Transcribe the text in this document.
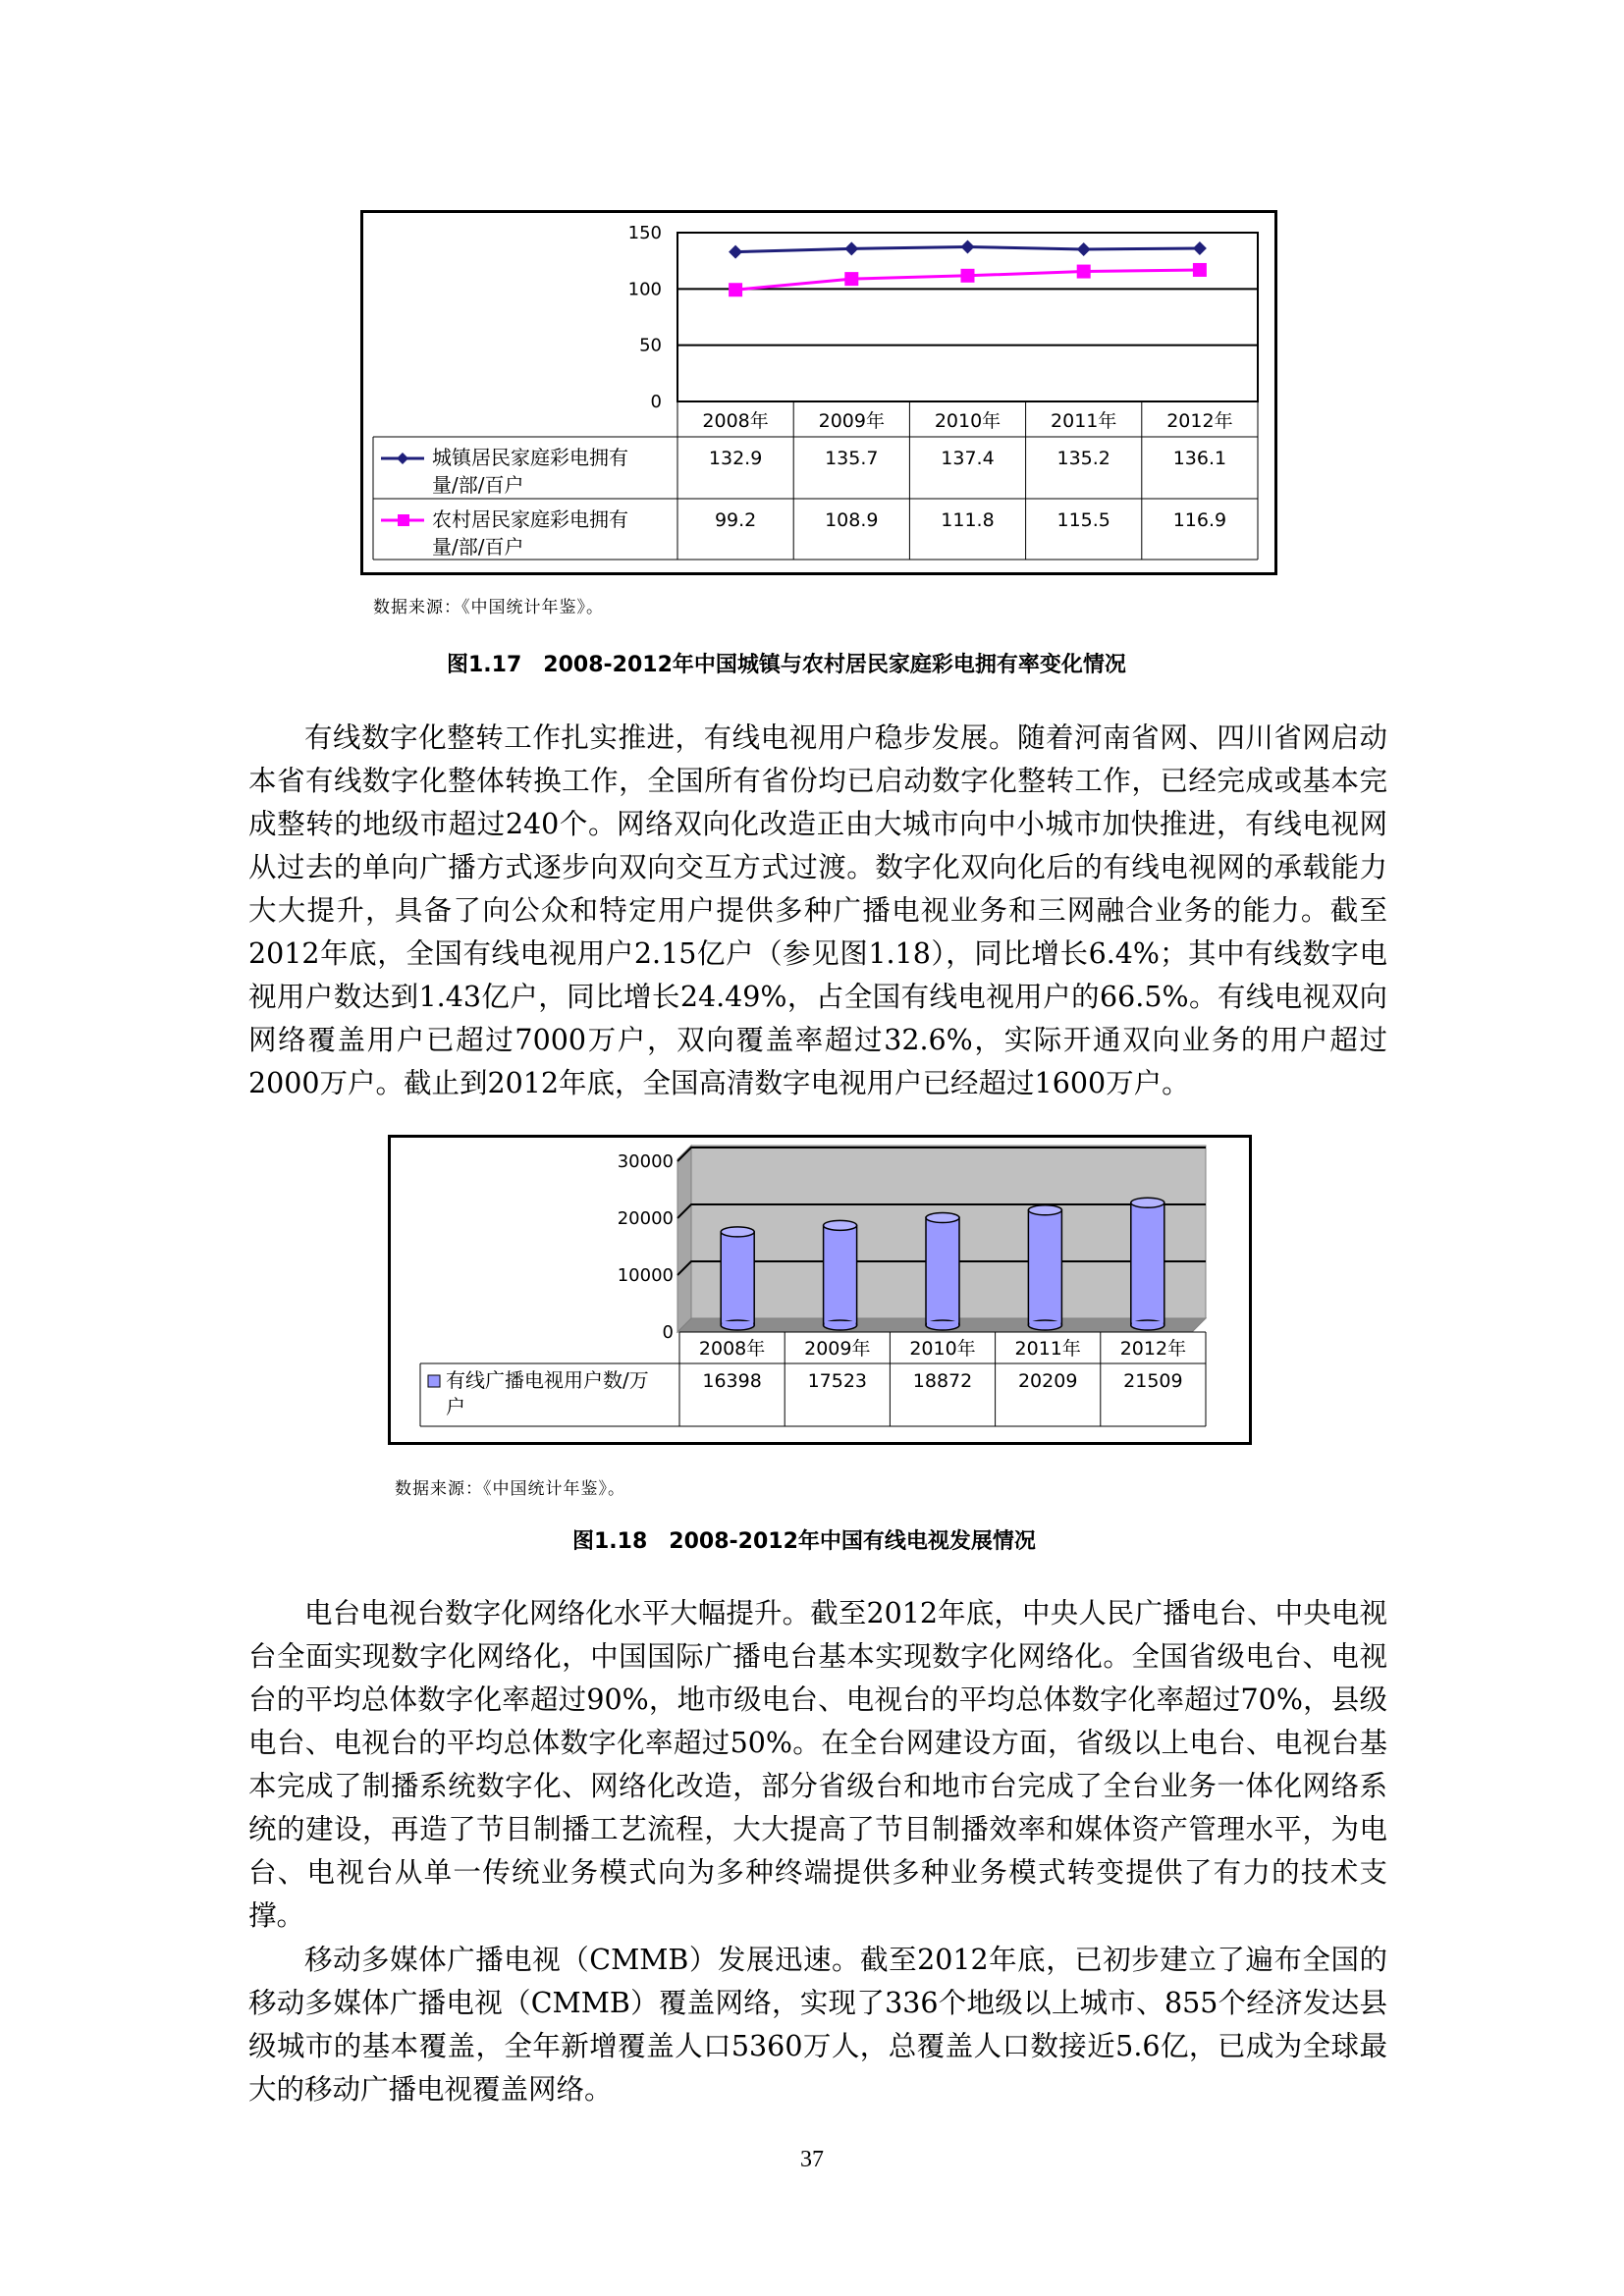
0
50
100
150
2008年	2009年	2010年	2011年	2012年
城镇居民家庭彩电拥有
量/部/百户
132.9	135.7	137.4	135.2	136.1
农村居民家庭彩电拥有
量/部/百户
99.2	108.9	111.8	115.5	116.9
数据来源：《中国统计年鉴》。
图1.17　2008-2012年中国城镇与农村居民家庭彩电拥有率变化情况

有线数字化整转工作扎实推进，有线电视用户稳步发展。随着河南省网、四川省网启动本省有线数字化整体转换工作，全国所有省份均已启动数字化整转工作，已经完成或基本完成整转的地级市超过240个。网络双向化改造正由大城市向中小城市加快推进，有线电视网从过去的单向广播方式逐步向双向交互方式过渡。数字化双向化后的有线电视网的承载能力大大提升，具备了向公众和特定用户提供多种广播电视业务和三网融合业务的能力。截至2012年底，全国有线电视用户2.15亿户（参见图1.18），同比增长6.4%；其中有线数字电视用户数达到1.43亿户，同比增长24.49%，占全国有线电视用户的66.5%。有线电视双向网络覆盖用户已超过7000万户，双向覆盖率超过32.6%，实际开通双向业务的用户超过2000万户。截止到2012年底，全国高清数字电视用户已经超过1600万户。

0
10000
20000
30000
2008年 2009年 2010年 2011年 2012年
有线广播电视用户数/万
户
16398 17523 18872 20209 21509
数据来源：《中国统计年鉴》。
图1.18　2008-2012年中国有线电视发展情况

电台电视台数字化网络化水平大幅提升。截至2012年底，中央人民广播电台、中央电视台全面实现数字化网络化，中国国际广播电台基本实现数字化网络化。全国省级电台、电视台的平均总体数字化率超过90%，地市级电台、电视台的平均总体数字化率超过70%，县级电台、电视台的平均总体数字化率超过50%。在全台网建设方面，省级以上电台、电视台基本完成了制播系统数字化、网络化改造，部分省级台和地市台完成了全台业务一体化网络系统的建设，再造了节目制播工艺流程，大大提高了节目制播效率和媒体资产管理水平，为电台、电视台从单一传统业务模式向为多种终端提供多种业务模式转变提供了有力的技术支撑。

移动多媒体广播电视（CMMB）发展迅速。截至2012年底，已初步建立了遍布全国的移动多媒体广播电视（CMMB）覆盖网络，实现了336个地级以上城市、855个经济发达县级城市的基本覆盖，全年新增覆盖人口5360万人，总覆盖人口数接近5.6亿，已成为全球最大的移动广播电视覆盖网络。

37
